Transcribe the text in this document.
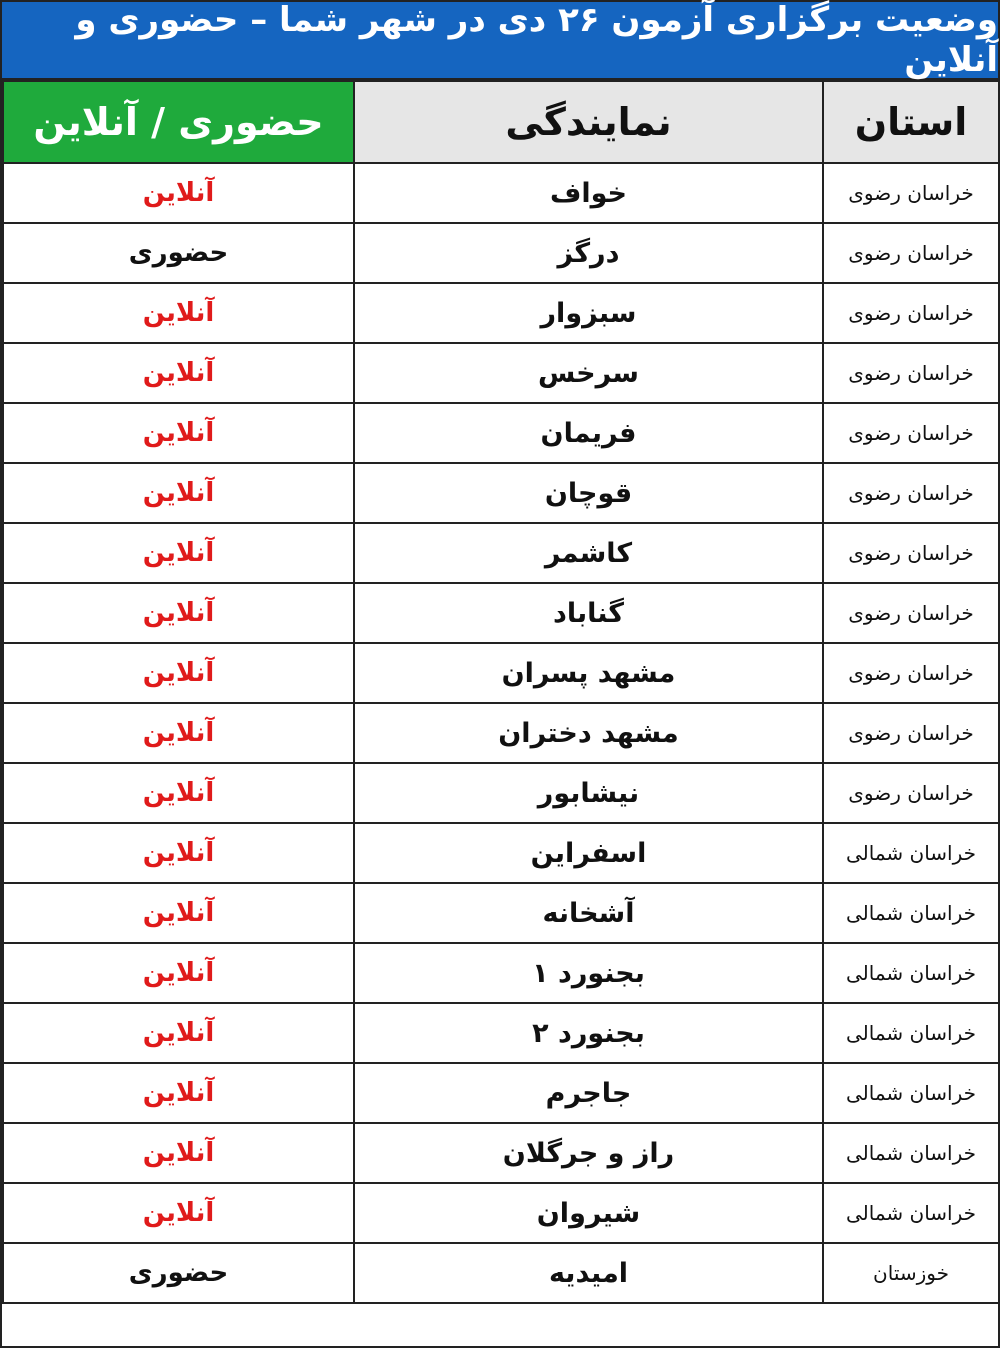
وضعیت برگزاری آزمون ۲۶ دی در شهر شما – حضوری و آنلاین
حضوری / آنلاین	نمایندگی	استان
آنلاین	خواف	خراسان رضوی
حضوری	درگز	خراسان رضوی
آنلاین	سبزوار	خراسان رضوی
آنلاین	سرخس	خراسان رضوی
آنلاین	فریمان	خراسان رضوی
آنلاین	قوچان	خراسان رضوی
آنلاین	کاشمر	خراسان رضوی
آنلاین	گناباد	خراسان رضوی
آنلاین	مشهد پسران	خراسان رضوی
آنلاین	مشهد دختران	خراسان رضوی
آنلاین	نیشابور	خراسان رضوی
آنلاین	اسفراین	خراسان شمالی
آنلاین	آشخانه	خراسان شمالی
آنلاین	بجنورد ۱	خراسان شمالی
آنلاین	بجنورد ۲	خراسان شمالی
آنلاین	جاجرم	خراسان شمالی
آنلاین	راز و جرگلان	خراسان شمالی
آنلاین	شیروان	خراسان شمالی
حضوری	امیدیه	خوزستان
